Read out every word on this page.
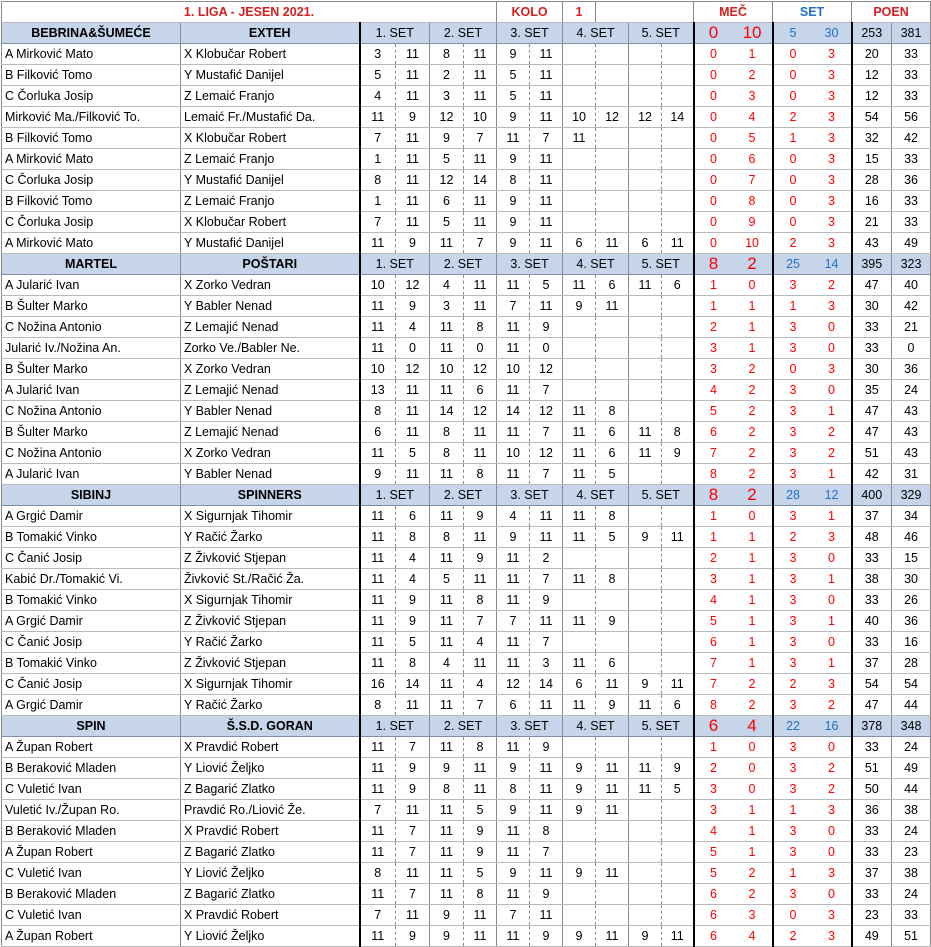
1. LIGA - JESEN 2021.						KOLO		1				MEČ		SET		POEN	
BEBRINA&ŠUMEĆE	EXTEH	1. SET		2. SET		3. SET		4. SET		5. SET		0	10	5	30	253	381
A Mirković Mato	X Klobučar Robert	3	11	8	11	9	11					0	1	0	3	20	33
B Filković Tomo	Y Mustafić Danijel	5	11	2	11	5	11					0	2	0	3	12	33
C Čorluka Josip	Z Lemaić Franjo	4	11	3	11	5	11					0	3	0	3	12	33
Mirković Ma./Filković To.	Lemaić Fr./Mustafić Da.	11	9	12	10	9	11	10	12	12	14	0	4	2	3	54	56
B Filković Tomo	X Klobučar Robert	7	11	9	7	11	7	11				0	5	1	3	32	42
A Mirković Mato	Z Lemaić Franjo	1	11	5	11	9	11					0	6	0	3	15	33
C Čorluka Josip	Y Mustafić Danijel	8	11	12	14	8	11					0	7	0	3	28	36
B Filković Tomo	Z Lemaić Franjo	1	11	6	11	9	11					0	8	0	3	16	33
C Čorluka Josip	X Klobučar Robert	7	11	5	11	9	11					0	9	0	3	21	33
A Mirković Mato	Y Mustafić Danijel	11	9	11	7	9	11	6	11	6	11	0	10	2	3	43	49
MARTEL	POŠTARI	1. SET		2. SET		3. SET		4. SET		5. SET		8	2	25	14	395	323
A Jularić Ivan	X Zorko Vedran	10	12	4	11	11	5	11	6	11	6	1	0	3	2	47	40
B Šulter Marko	Y Babler Nenad	11	9	3	11	7	11	9	11			1	1	1	3	30	42
C Nožina Antonio	Z Lemajić Nenad	11	4	11	8	11	9					2	1	3	0	33	21
Jularić Iv./Nožina An.	Zorko Ve./Babler Ne.	11	0	11	0	11	0					3	1	3	0	33	0
B Šulter Marko	X Zorko Vedran	10	12	10	12	10	12					3	2	0	3	30	36
A Jularić Ivan	Z Lemajić Nenad	13	11	11	6	11	7					4	2	3	0	35	24
C Nožina Antonio	Y Babler Nenad	8	11	14	12	14	12	11	8			5	2	3	1	47	43
B Šulter Marko	Z Lemajić Nenad	6	11	8	11	11	7	11	6	11	8	6	2	3	2	47	43
C Nožina Antonio	X Zorko Vedran	11	5	8	11	10	12	11	6	11	9	7	2	3	2	51	43
A Jularić Ivan	Y Babler Nenad	9	11	11	8	11	7	11	5			8	2	3	1	42	31
SIBINJ	SPINNERS	1. SET		2. SET		3. SET		4. SET		5. SET		8	2	28	12	400	329
A Grgić Damir	X Sigurnjak Tihomir	11	6	11	9	4	11	11	8			1	0	3	1	37	34
B Tomakić Vinko	Y Račić Žarko	11	8	8	11	9	11	11	5	9	11	1	1	2	3	48	46
C Čanić Josip	Z Živković Stjepan	11	4	11	9	11	2					2	1	3	0	33	15
Kabić Dr./Tomakić Vi.	Živković St./Račić Ža.	11	4	5	11	11	7	11	8			3	1	3	1	38	30
B Tomakić Vinko	X Sigurnjak Tihomir	11	9	11	8	11	9					4	1	3	0	33	26
A Grgić Damir	Z Živković Stjepan	11	9	11	7	7	11	11	9			5	1	3	1	40	36
C Čanić Josip	Y Račić Žarko	11	5	11	4	11	7					6	1	3	0	33	16
B Tomakić Vinko	Z Živković Stjepan	11	8	4	11	11	3	11	6			7	1	3	1	37	28
C Čanić Josip	X Sigurnjak Tihomir	16	14	11	4	12	14	6	11	9	11	7	2	2	3	54	54
A Grgić Damir	Y Račić Žarko	8	11	11	7	6	11	11	9	11	6	8	2	3	2	47	44
SPIN	Š.S.D. GORAN	1. SET		2. SET		3. SET		4. SET		5. SET		6	4	22	16	378	348
A Župan Robert	X Pravdić Robert	11	7	11	8	11	9					1	0	3	0	33	24
B Beraković Mladen	Y Liović Željko	11	9	9	11	9	11	9	11	11	9	2	0	3	2	51	49
C Vuletić Ivan	Z Bagarić Zlatko	11	9	8	11	8	11	9	11	11	5	3	0	3	2	50	44
Vuletić Iv./Župan Ro.	Pravdić Ro./Liović Že.	7	11	11	5	9	11	9	11			3	1	1	3	36	38
B Beraković Mladen	X Pravdić Robert	11	7	11	9	11	8					4	1	3	0	33	24
A Župan Robert	Z Bagarić Zlatko	11	7	11	9	11	7					5	1	3	0	33	23
C Vuletić Ivan	Y Liović Željko	8	11	11	5	9	11	9	11			5	2	1	3	37	38
B Beraković Mladen	Z Bagarić Zlatko	11	7	11	8	11	9					6	2	3	0	33	24
C Vuletić Ivan	X Pravdić Robert	7	11	9	11	7	11					6	3	0	3	23	33
A Župan Robert	Y Liović Željko	11	9	9	11	11	9	9	11	9	11	6	4	2	3	49	51
